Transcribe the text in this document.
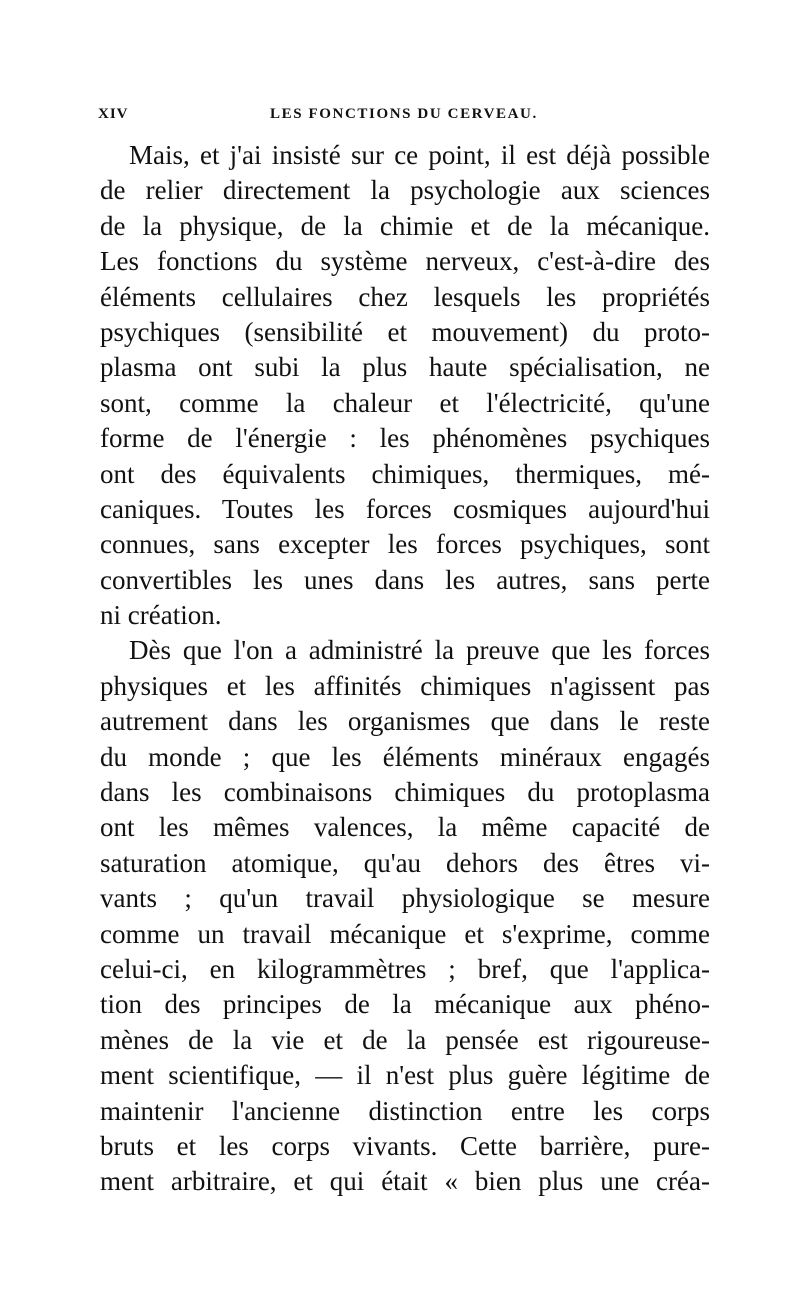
XIV	LES FONCTIONS DU CERVEAU.
Mais, et j'ai insisté sur ce point, il est déjà possible
de relier directement la psychologie aux sciences
de la physique, de la chimie et de la mécanique.
Les fonctions du système nerveux, c'est-à-dire des
éléments cellulaires chez lesquels les propriétés
psychiques (sensibilité et mouvement) du proto-
plasma ont subi la plus haute spécialisation, ne
sont, comme la chaleur et l'électricité, qu'une
forme de l'énergie : les phénomènes psychiques
ont des équivalents chimiques, thermiques, mé-
caniques. Toutes les forces cosmiques aujourd'hui
connues, sans excepter les forces psychiques, sont
convertibles les unes dans les autres, sans perte
ni création.
Dès que l'on a administré la preuve que les forces
physiques et les affinités chimiques n'agissent pas
autrement dans les organismes que dans le reste
du monde ; que les éléments minéraux engagés
dans les combinaisons chimiques du protoplasma
ont les mêmes valences, la même capacité de
saturation atomique, qu'au dehors des êtres vi-
vants ; qu'un travail physiologique se mesure
comme un travail mécanique et s'exprime, comme
celui-ci, en kilogrammètres ; bref, que l'applica-
tion des principes de la mécanique aux phéno-
mènes de la vie et de la pensée est rigoureuse-
ment scientifique, — il n'est plus guère légitime de
maintenir l'ancienne distinction entre les corps
bruts et les corps vivants. Cette barrière, pure-
ment arbitraire, et qui était « bien plus une créa-
